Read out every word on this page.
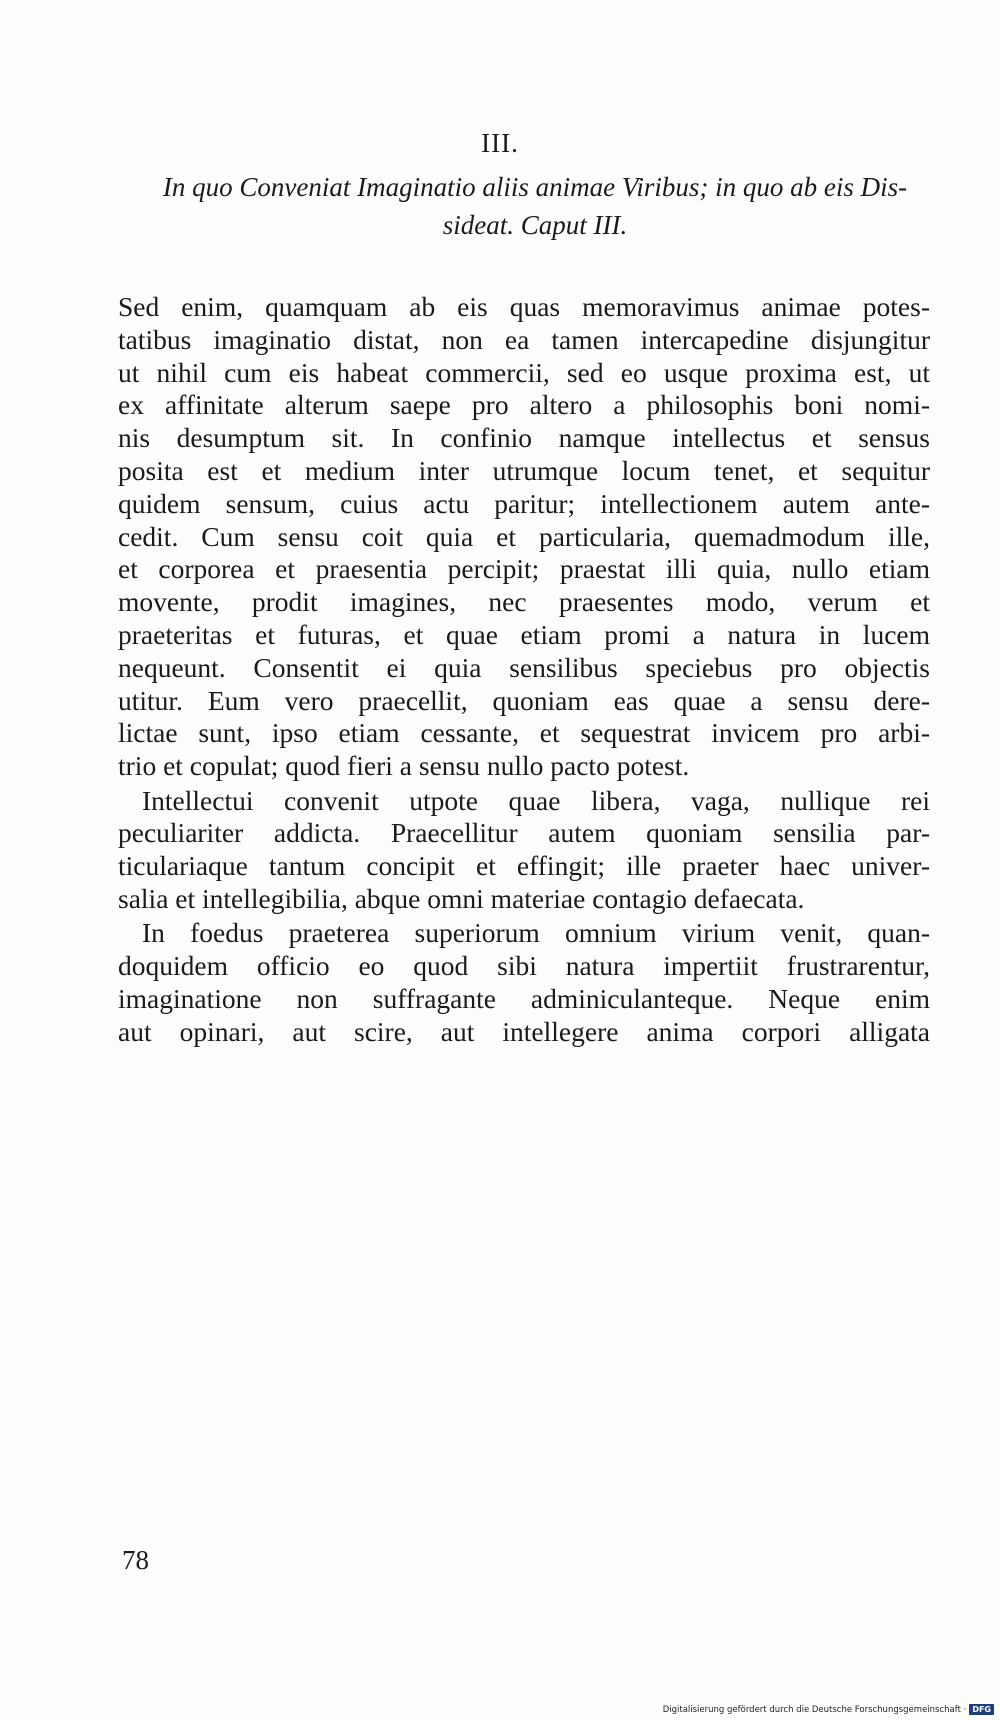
III.
In quo Conveniat Imaginatio aliis animae Viribus; in quo ab eis Dis-
sideat. Caput III.
Sed enim, quamquam ab eis quas memoravimus animae potes-
tatibus imaginatio distat, non ea tamen intercapedine disjungitur
ut nihil cum eis habeat commercii, sed eo usque proxima est, ut
ex affinitate alterum saepe pro altero a philosophis boni nomi-
nis desumptum sit. In confinio namque intellectus et sensus
posita est et medium inter utrumque locum tenet, et sequitur
quidem sensum, cuius actu paritur; intellectionem autem ante-
cedit. Cum sensu coit quia et particularia, quemadmodum ille,
et corporea et praesentia percipit; praestat illi quia, nullo etiam
movente, prodit imagines, nec praesentes modo, verum et
praeteritas et futuras, et quae etiam promi a natura in lucem
nequeunt. Consentit ei quia sensilibus speciebus pro objectis
utitur. Eum vero praecellit, quoniam eas quae a sensu dere-
lictae sunt, ipso etiam cessante, et sequestrat invicem pro arbi-
trio et copulat; quod fieri a sensu nullo pacto potest.
Intellectui convenit utpote quae libera, vaga, nullique rei
peculiariter addicta. Praecellitur autem quoniam sensilia par-
ticulariaque tantum concipit et effingit; ille praeter haec univer-
salia et intellegibilia, abque omni materiae contagio defaecata.
In foedus praeterea superiorum omnium virium venit, quan-
doquidem officio eo quod sibi natura impertiit frustrarentur,
imaginatione non suffragante adminiculanteque. Neque enim
aut opinari, aut scire, aut intellegere anima corpori alligata
78
Digitalisierung gefördert durch die Deutsche Forschungsgemeinschaft · DFG
